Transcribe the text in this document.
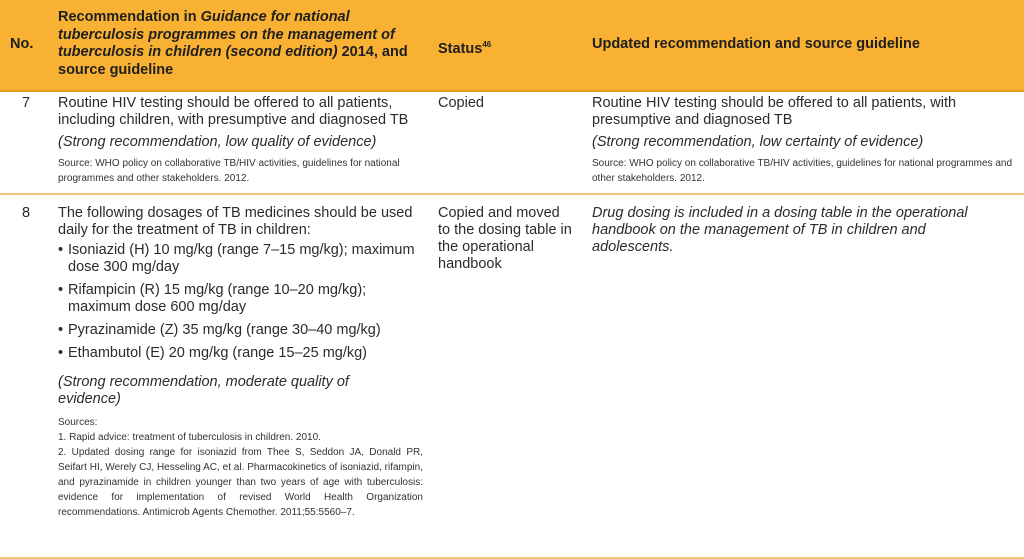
No.
Recommendation in Guidance for national tuberculosis programmes on the management of tuberculosis in children (second edition) 2014, and source guideline
Status$^{46}$	Updated recommendation and source guideline
7 Routine HIV testing should be offered to all patients, including children, with presumptive and diagnosed TB

(Strong recommendation, low quality of evidence)

Source: WHO policy on collaborative TB/HIV activities, guidelines for national programmes and other stakeholders. 2012.

Copied	Routine HIV testing should be offered to all patients, with presumptive and diagnosed TB

(Strong recommendation, low certainty of evidence)

Source: WHO policy on collaborative TB/HIV activities, guidelines for national programmes and other stakeholders. 2012.

8 The following dosages of TB medicines should be used daily for the treatment of TB in children:

• Isoniazid (H) 10 mg/kg (range 7–15 mg/kg); maximum dose 300 mg/day

• Rifampicin (R) 15 mg/kg (range 10–20 mg/kg); maximum dose 600 mg/day

• Pyrazinamide (Z) 35 mg/kg (range 30–40 mg/kg)

• Ethambutol (E) 20 mg/kg (range 15–25 mg/kg)

(Strong recommendation, moderate quality of evidence)

Sources:

1. Rapid advice: treatment of tuberculosis in children. 2010.

2. Updated dosing range for isoniazid from Thee S, Seddon JA, Donald PR, Seifart HI, Werely CJ, Hesseling AC, et al. Pharmacokinetics of isoniazid, rifampin, and pyrazinamide in children younger than two years of age with tuberculosis: evidence for implementation of revised World Health Organization recommendations. Antimicrob Agents Chemother. 2011;55:5560–7.

Copied and moved to the dosing table in the operational handbook
Drug dosing is included in a dosing table in the operational handbook on the management of TB in children and adolescents.
